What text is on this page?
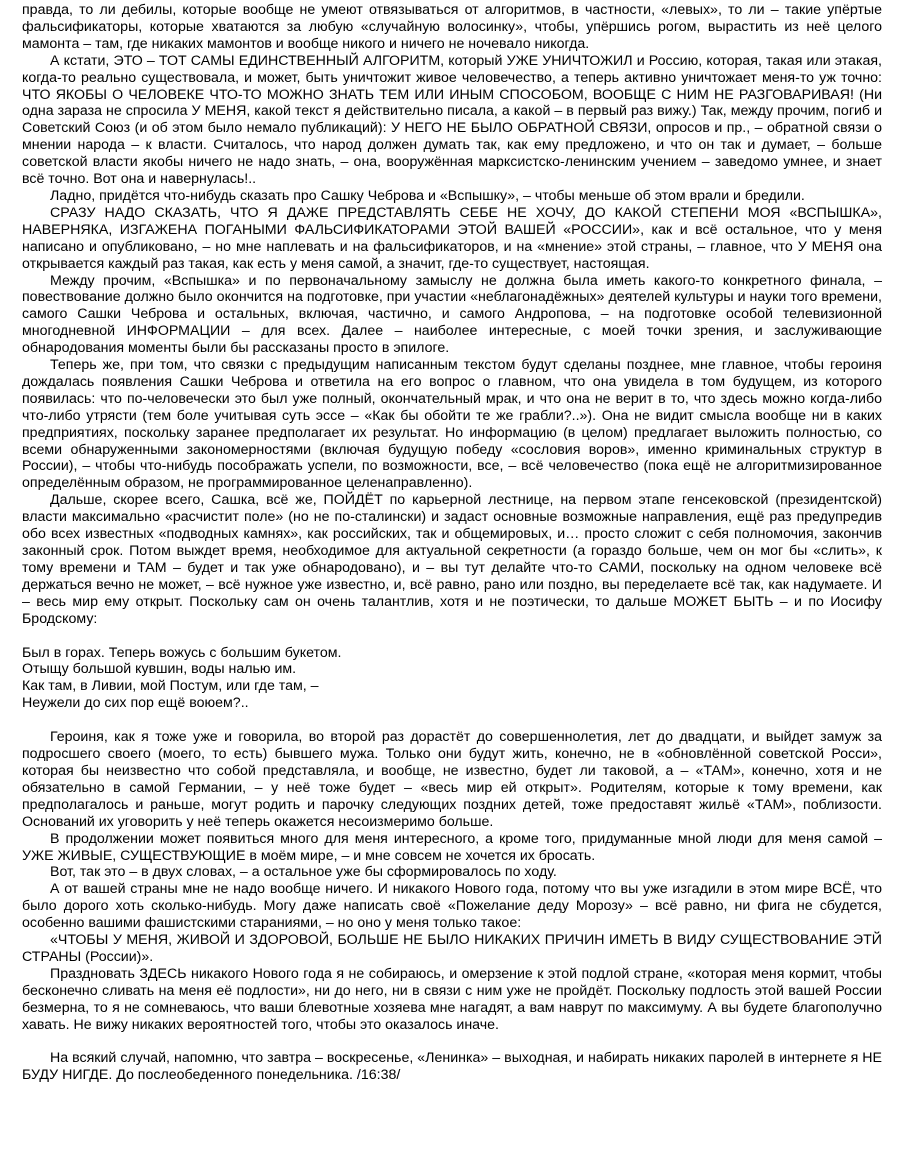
правда, то ли дебилы, которые вообще не умеют отвязываться от алгоритмов, в частности, «левых», то ли – такие упёртые фальсификаторы, которые хватаются за любую «случайную волосинку», чтобы, упёршись рогом, вырастить из неё целого мамонта – там, где никаких мамонтов и вообще никого и ничего не ночевало никогда.

А кстати, ЭТО – ТОТ САМЫ ЕДИНСТВЕННЫЙ АЛГОРИТМ, который УЖЕ УНИЧТОЖИЛ и Россию, которая, такая или этакая, когда-то реально существовала, и может, быть уничтожит живое человечество, а теперь активно уничтожает меня-то уж точно: ЧТО ЯКОБЫ О ЧЕЛОВЕКЕ ЧТО-ТО МОЖНО ЗНАТЬ ТЕМ ИЛИ ИНЫМ СПОСОБОМ, ВООБЩЕ С НИМ НЕ РАЗГОВАРИВАЯ! (Ни одна зараза не спросила У МЕНЯ, какой текст я действительно писала, а какой – в первый раз вижу.) Так, между прочим, погиб и Советский Союз (и об этом было немало публикаций): У НЕГО НЕ БЫЛО ОБРАТНОЙ СВЯЗИ, опросов и пр., – обратной связи о мнении народа – к власти. Считалось, что народ должен думать так, как ему предложено, и что он так и думает, – больше советской власти якобы ничего не надо знать, – она, вооружённая марксистско-ленинским учением – заведомо умнее, и знает всё точно. Вот она и навернулась!..

Ладно, придётся что-нибудь сказать про Сашку Чеброва и «Вспышку», – чтобы меньше об этом врали и бредили.

СРАЗУ НАДО СКАЗАТЬ, ЧТО Я ДАЖЕ ПРЕДСТАВЛЯТЬ СЕБЕ НЕ ХОЧУ, ДО КАКОЙ СТЕПЕНИ МОЯ «ВСПЫШКА», НАВЕРНЯКА, ИЗГАЖЕНА ПОГАНЫМИ ФАЛЬСИФИКАТОРАМИ ЭТОЙ ВАШЕЙ «РОССИИ», как и всё остальное, что у меня написано и опубликовано, – но мне наплевать и на фальсификаторов, и на «мнение» этой страны, – главное, что У МЕНЯ она открывается каждый раз такая, как есть у меня самой, а значит, где-то существует, настоящая.

Между прочим, «Вспышка» и по первоначальному замыслу не должна была иметь какого-то конкретного финала, – повествование должно было окончится на подготовке, при участии «неблагонадёжных» деятелей культуры и науки того времени, самого Сашки Чеброва и остальных, включая, частично, и самого Андропова, – на подготовке особой телевизионной многодневной ИНФОРМАЦИИ – для всех. Далее – наиболее интересные, с моей точки зрения, и заслуживающие обнародования моменты были бы рассказаны просто в эпилоге.

Теперь же, при том, что связки с предыдущим написанным текстом будут сделаны позднее, мне главное, чтобы героиня дождалась появления Сашки Чеброва и ответила на его вопрос о главном, что она увидела в том будущем, из которого появилась: что по-человечески это был уже полный, окончательный мрак, и что она не верит в то, что здесь можно когда-либо что-либо утрясти (тем боле учитывая суть эссе – «Как бы обойти те же грабли?..»). Она не видит смысла вообще ни в каких предприятиях, поскольку заранее предполагает их результат. Но информацию (в целом) предлагает выложить полностью, со всеми обнаруженными закономерностями (включая будущую победу «сословия воров», именно криминальных структур в России), – чтобы что-нибудь посображать успели, по возможности, все, – всё человечество (пока ещё не алгоритмизированное определённым образом, не программированное целенаправленно).

Дальше, скорее всего, Сашка, всё же, ПОЙДЁТ по карьерной лестнице, на первом этапе генсековской (президентской) власти максимально «расчистит поле» (но не по-сталински) и задаст основные возможные направления, ещё раз предупредив обо всех известных «подводных камнях», как российских, так и общемировых, и… просто сложит с себя полномочия, закончив законный срок. Потом выждет время, необходимое для актуальной секретности (а гораздо больше, чем он мог бы «слить», к тому времени и ТАМ – будет и так уже обнародовано), и – вы тут делайте что-то САМИ, поскольку на одном человеке всё держаться вечно не может, – всё нужное уже известно, и, всё равно, рано или поздно, вы переделаете всё так, как надумаете. И – весь мир ему открыт. Поскольку сам он очень талантлив, хотя и не поэтически, то дальше МОЖЕТ БЫТЬ – и по Иосифу Бродскому:

Был в горах. Теперь вожусь с большим букетом.
Отыщу большой кувшин, воды налью им.
Как там, в Ливии, мой Постум, или где там, –
Неужели до сих пор ещё воюем?..

Героиня, как я тоже уже и говорила, во второй раз дорастёт до совершеннолетия, лет до двадцати, и выйдет замуж за подросшего своего (моего, то есть) бывшего мужа. Только они будут жить, конечно, не в «обновлённой советской Росси», которая бы неизвестно что собой представляла, и вообще, не известно, будет ли таковой, а – «ТАМ», конечно, хотя и не обязательно в самой Германии, – у неё тоже будет – «весь мир ей открыт». Родителям, которые к тому времени, как предполагалось и раньше, могут родить и парочку следующих поздних детей, тоже предоставят жильё «ТАМ», поблизости. Оснований их уговорить у неё теперь окажется несоизмеримо больше.

В продолжении может появиться много для меня интересного, а кроме того, придуманные мной люди для меня самой – УЖЕ ЖИВЫЕ, СУЩЕСТВУЮЩИЕ в моём мире, – и мне совсем не хочется их бросать.

Вот, так это – в двух словах, – а остальное уже бы сформировалось по ходу.

А от вашей страны мне не надо вообще ничего. И никакого Нового года, потому что вы уже изгадили в этом мире ВСЁ, что было дорого хоть сколько-нибудь. Могу даже написать своё «Пожелание деду Морозу» – всё равно, ни фига не сбудется, особенно вашими фашистскими стараниями, – но оно у меня только такое:

«ЧТОБЫ У МЕНЯ, ЖИВОЙ И ЗДОРОВОЙ, БОЛЬШЕ НЕ БЫЛО НИКАКИХ ПРИЧИН ИМЕТЬ В ВИДУ СУЩЕСТВОВАНИЕ ЭТЙ СТРАНЫ (России)».

Праздновать ЗДЕСЬ никакого Нового года я не собираюсь, и омерзение к этой подлой стране, «которая меня кормит, чтобы бесконечно сливать на меня её подлости», ни до него, ни в связи с ним уже не пройдёт. Поскольку подлость этой вашей России безмерна, то я не сомневаюсь, что ваши блевотные хозяева мне нагадят, а вам наврут по максимуму. А вы будете благополучно хавать. Не вижу никаких вероятностей того, чтобы это оказалось иначе.

На всякий случай, напомню, что завтра – воскресенье, «Ленинка» – выходная, и набирать никаких паролей в интернете я НЕ БУДУ НИГДЕ. До послеобеденного понедельника. /16:38/
